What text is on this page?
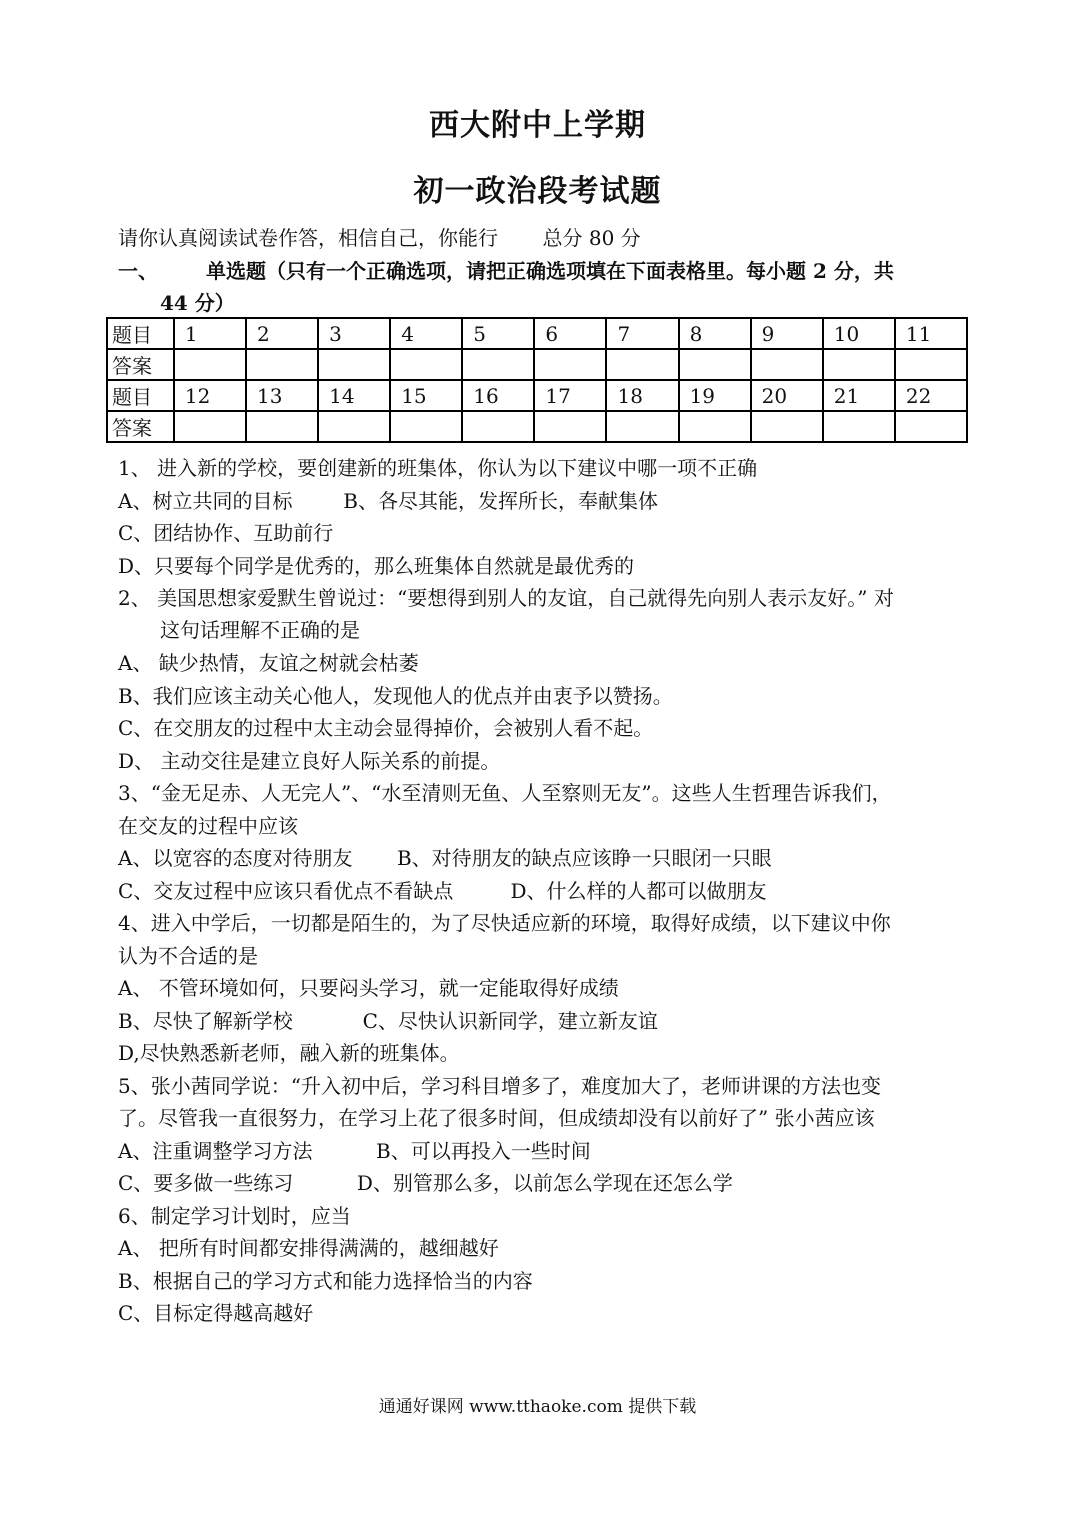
西大附中上学期
初一政治段考试题
请你认真阅读试卷作答，相信自己，你能行       总分 80 分
一、 单选题（只有一个正确选项，请把正确选项填在下面表格里。每小题 2 分，共
44 分）
题目	1	2	3	4	5	6	7	8	9	10	11
答案											
题目	12	13	14	15	16	17	18	19	20	21	22
答案											
1、 进入新的学校，要创建新的班集体，你认为以下建议中哪一项不正确
A、树立共同的目标        B、各尽其能，发挥所长，奉献集体
C、团结协作、互助前行
D、只要每个同学是优秀的，那么班集体自然就是最优秀的
2、 美国思想家爱默生曾说过：“要想得到别人的友谊，自己就得先向别人表示友好。” 对
这句话理解不正确的是
A、 缺少热情，友谊之树就会枯萎
B、我们应该主动关心他人，发现他人的优点并由衷予以赞扬。
C、在交朋友的过程中太主动会显得掉价，会被别人看不起。
D、 主动交往是建立良好人际关系的前提。
3、“金无足赤、人无完人”、“水至清则无鱼、人至察则无友”。这些人生哲理告诉我们，
在交友的过程中应该
A、以宽容的态度对待朋友       B、对待朋友的缺点应该睁一只眼闭一只眼
C、交友过程中应该只看优点不看缺点         D、什么样的人都可以做朋友
4、进入中学后，一切都是陌生的，为了尽快适应新的环境，取得好成绩，以下建议中你
认为不合适的是
A、 不管环境如何，只要闷头学习，就一定能取得好成绩
B、尽快了解新学校           C、尽快认识新同学，建立新友谊
D,尽快熟悉新老师，融入新的班集体。
5、张小茜同学说：“升入初中后，学习科目增多了，难度加大了，老师讲课的方法也变
了。尽管我一直很努力，在学习上花了很多时间，但成绩却没有以前好了” 张小茜应该
A、注重调整学习方法          B、可以再投入一些时间
C、要多做一些练习          D、别管那么多，以前怎么学现在还怎么学
6、制定学习计划时，应当
A、 把所有时间都安排得满满的，越细越好
B、根据自己的学习方式和能力选择恰当的内容
C、目标定得越高越好
通通好课网 www.tthaoke.com 提供下载
